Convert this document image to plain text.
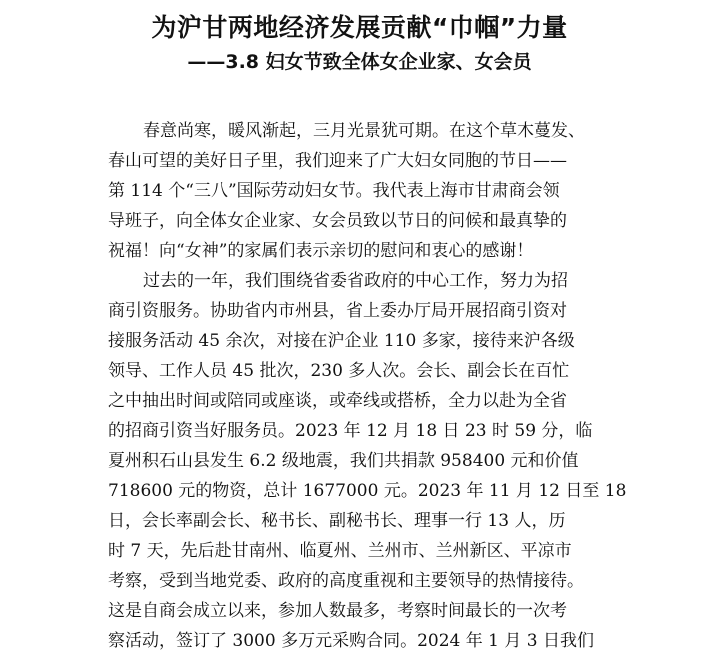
为沪甘两地经济发展贡献“巾帼”力量
——3.8 妇女节致全体女企业家、女会员
春意尚寒，暖风渐起，三月光景犹可期。在这个草木蔓发、
春山可望的美好日子里，我们迎来了广大妇女同胞的节日——
第 114 个“三八”国际劳动妇女节。我代表上海市甘肃商会领
导班子，向全体女企业家、女会员致以节日的问候和最真挚的
祝福！向“女神”的家属们表示亲切的慰问和衷心的感谢！
过去的一年，我们围绕省委省政府的中心工作，努力为招
商引资服务。协助省内市州县，省上委办厅局开展招商引资对
接服务活动 45 余次，对接在沪企业 110 多家，接待来沪各级
领导、工作人员 45 批次，230 多人次。会长、副会长在百忙
之中抽出时间或陪同或座谈，或牵线或搭桥，全力以赴为全省
的招商引资当好服务员。2023 年 12 月 18 日 23 时 59 分，临
夏州积石山县发生 6.2 级地震，我们共捐款 958400 元和价值
718600 元的物资，总计 1677000 元。2023 年 11 月 12 日至 18
日，会长率副会长、秘书长、副秘书长、理事一行 13 人，历
时 7 天，先后赴甘南州、临夏州、兰州市、兰州新区、平凉市
考察，受到当地党委、政府的高度重视和主要领导的热情接待。
这是自商会成立以来，参加人数最多，考察时间最长的一次考
察活动，签订了 3000 多万元采购合同。2024 年 1 月 3 日我们
